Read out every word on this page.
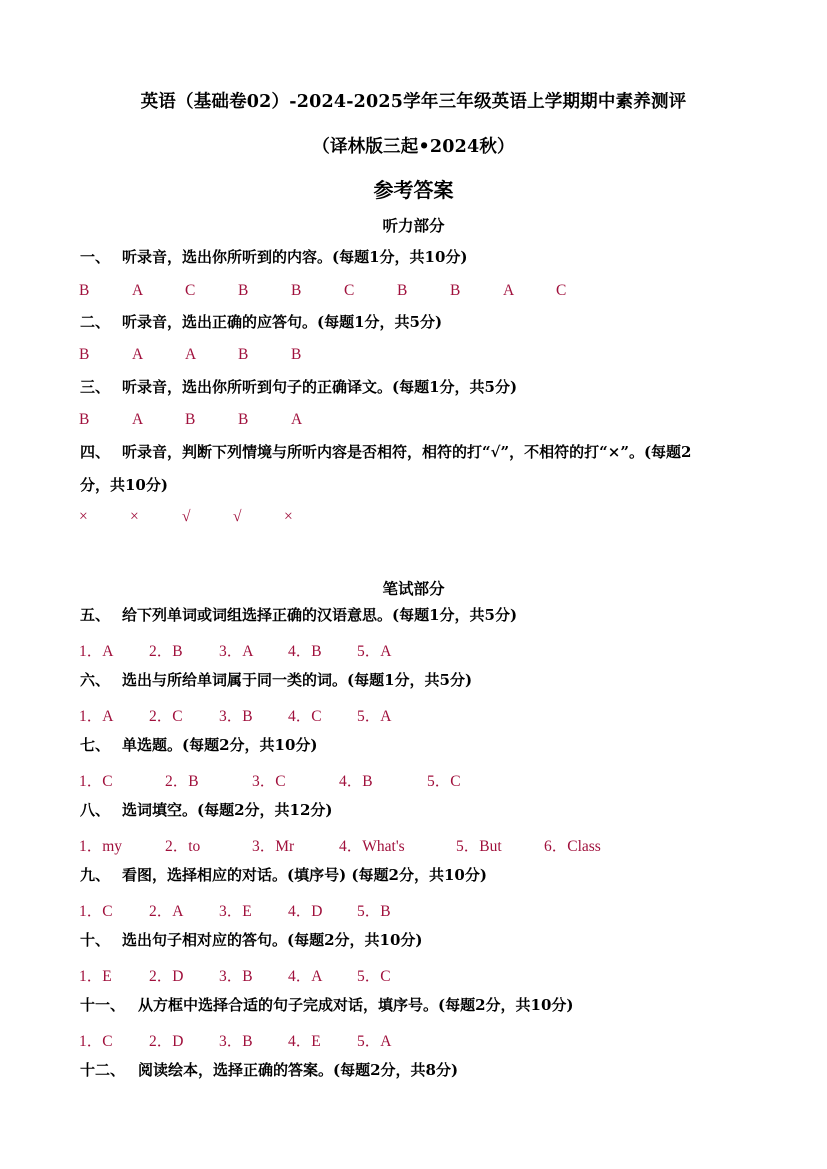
英语（基础卷02）-2024-2025学年三年级英语上学期期中素养测评
（译林版三起•2024秋）
参考答案
听力部分
一、 听录音，选出你所听到的内容。(每题1分，共10分)
B	A	C	B	B	C	B	B	A	C
二、 听录音，选出正确的应答句。(每题1分，共5分)
B	A	A	B	B
三、 听录音，选出你所听到句子的正确译文。(每题1分，共5分)
B	A	B	B	A
四、 听录音，判断下列情境与所听内容是否相符，相符的打“√”，不相符的打“×”。(每题2
分，共10分)
×	×	√	√	×
笔试部分
五、 给下列单词或词组选择正确的汉语意思。(每题1分，共5分)
1．A 2．B 3．A 4．B 5．A
六、 选出与所给单词属于同一类的词。(每题1分，共5分)
1．A 2．C 3．B 4．C 5．A
七、 单选题。(每题2分，共10分)
1．C	2．B	3．C	4．B	5．C
八、 选词填空。(每题2分，共12分)
1．my	2．to	3．Mr	4．What's	5．But	6．Class
九、 看图，选择相应的对话。(填序号) (每题2分，共10分)
1．C 2．A 3．E 4．D 5．B
十、 选出句子相对应的答句。(每题2分，共10分)
1．E 2．D 3．B 4．A 5．C
十一、 从方框中选择合适的句子完成对话，填序号。(每题2分，共10分)
1．C 2．D 3．B 4．E 5．A
十二、 阅读绘本，选择正确的答案。(每题2分，共8分)
